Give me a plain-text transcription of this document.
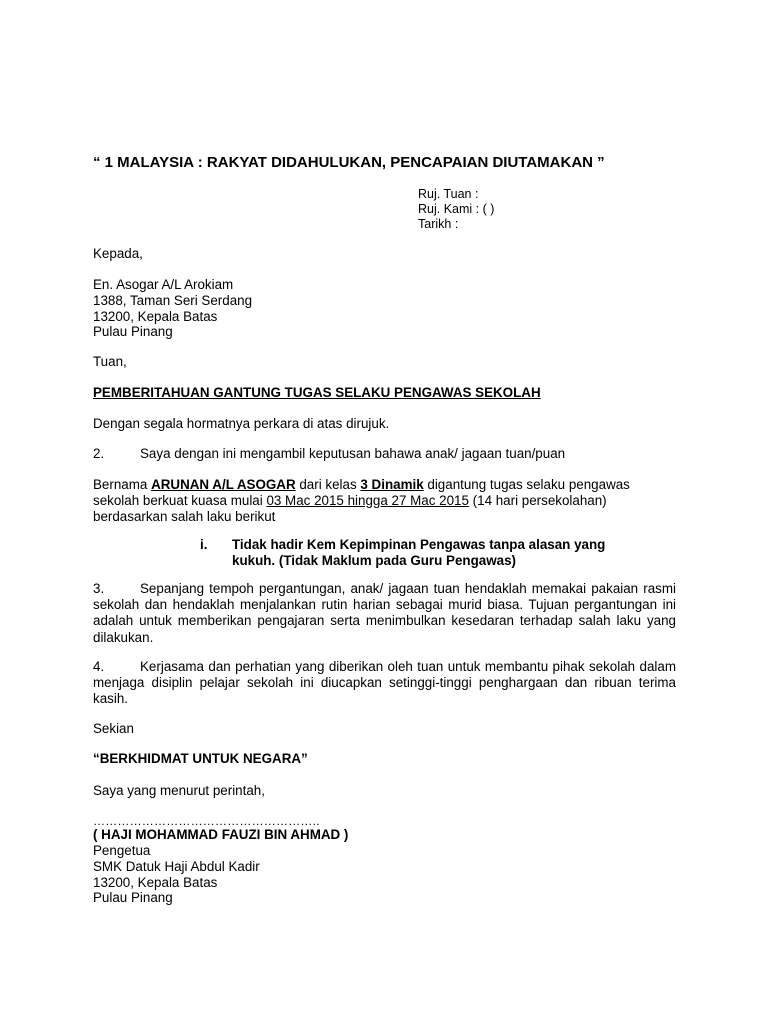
“ 1 MALAYSIA : RAKYAT DIDAHULUKAN, PENCAPAIAN DIUTAMAKAN ”
Ruj. Tuan :
Ruj. Kami : ( )
Tarikh :
Kepada,
En. Asogar A/L Arokiam
1388, Taman Seri Serdang
13200, Kepala Batas
Pulau Pinang
Tuan,
PEMBERITAHUAN GANTUNG TUGAS SELAKU PENGAWAS SEKOLAH
Dengan segala hormatnya perkara di atas dirujuk.
2.	Saya dengan ini mengambil keputusan bahawa anak/ jagaan tuan/puan
Bernama ARUNAN A/L ASOGAR dari kelas 3 Dinamik digantung tugas selaku pengawas
sekolah berkuat kuasa mulai 03 Mac 2015 hingga 27 Mac 2015 (14 hari persekolahan)
berdasarkan salah laku berikut
i. Tidak hadir Kem Kepimpinan Pengawas tanpa alasan yang
kukuh. (Tidak Maklum pada Guru Pengawas)
3.	Sepanjang tempoh pergantungan, anak/ jagaan tuan hendaklah memakai pakaian rasmi sekolah dan hendaklah menjalankan rutin harian sebagai murid biasa. Tujuan pergantungan ini adalah untuk memberikan pengajaran serta menimbulkan kesedaran terhadap salah laku yang dilakukan.
4.	Kerjasama dan perhatian yang diberikan oleh tuan untuk membantu pihak sekolah dalam menjaga disiplin pelajar sekolah ini diucapkan setinggi-tinggi penghargaan dan ribuan terima kasih.
Sekian
“BERKHIDMAT UNTUK NEGARA”
Saya yang menurut perintah,
………………………………………………..
( HAJI MOHAMMAD FAUZI BIN AHMAD )
Pengetua
SMK Datuk Haji Abdul Kadir
13200, Kepala Batas
Pulau Pinang
